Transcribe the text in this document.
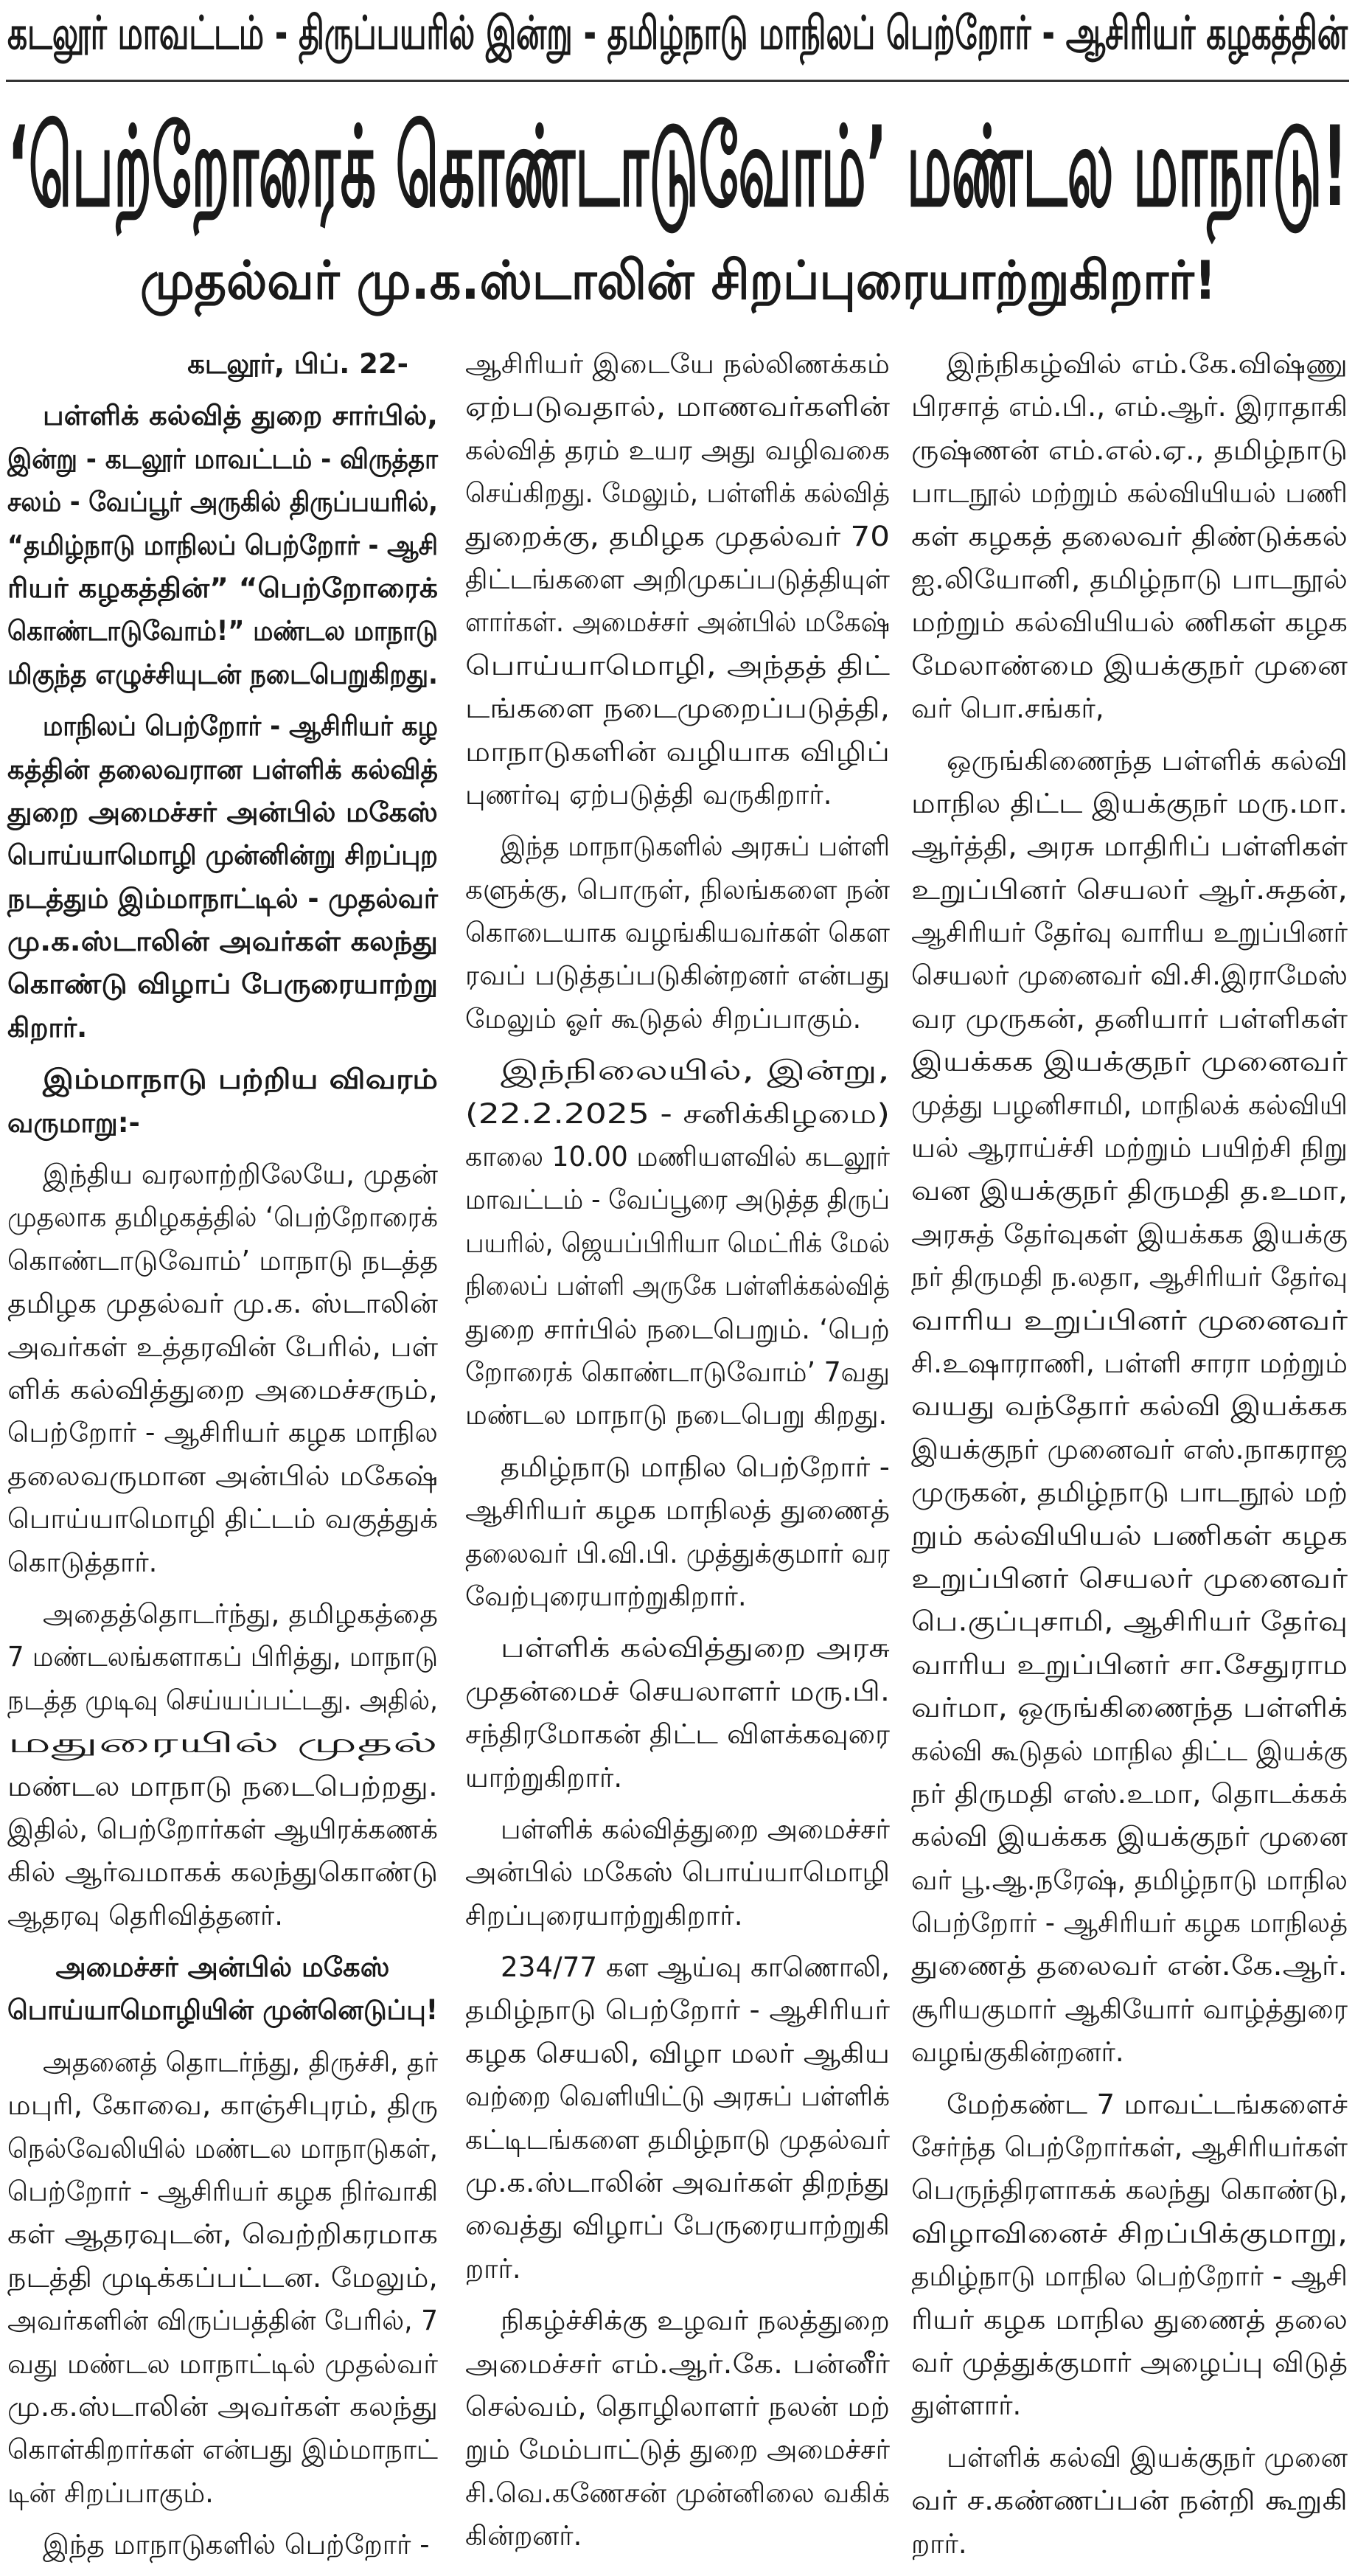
கடலூர் மாவட்டம் - திருப்பயரில் இன்று - தமிழ்நாடு மாநிலப் பெற்றோர் - ஆசிரியர் கழகத்தின்
‘பெற்றோரைக் கொண்டாடுவோம்’ மண்டல மாநாடு!
முதல்வர் மு.க.ஸ்டாலின் சிறப்புரையாற்றுகிறார்!
கடலூர், பிப். 22-
பள்ளிக் கல்வித் துறை சார்பில்,
இன்று - கடலூர் மாவட்டம் - விருத்தா
சலம் - வேப்பூர் அருகில் திருப்பயரில்,
“தமிழ்நாடு மாநிலப் பெற்றோர் - ஆசி
ரியர் கழகத்தின்” “பெற்றோரைக்
கொண்டாடுவோம்!” மண்டல மாநாடு
மிகுந்த எழுச்சியுடன் நடைபெறுகிறது.
மாநிலப் பெற்றோர் - ஆசிரியர் கழ
கத்தின் தலைவரான பள்ளிக் கல்வித்
துறை அமைச்சர் அன்பில் மகேஸ்
பொய்யாமொழி முன்னின்று சிறப்புற
நடத்தும் இம்மாநாட்டில் - முதல்வர்
மு.க.ஸ்டாலின் அவர்கள் கலந்து
கொண்டு விழாப் பேருரையாற்று
கிறார்.
இம்மாநாடு பற்றிய விவரம்
வருமாறு:-
இந்திய வரலாற்றிலேயே, முதன்
முதலாக தமிழகத்தில் ‘பெற்றோரைக்
கொண்டாடுவோம்’ மாநாடு நடத்த
தமிழக முதல்வர் மு.க. ஸ்டாலின்
அவர்கள் உத்தரவின் பேரில், பள்
ளிக் கல்வித்துறை அமைச்சரும்,
பெற்றோர் - ஆசிரியர் கழக மாநில
தலைவருமான அன்பில் மகேஷ்
பொய்யாமொழி திட்டம் வகுத்துக்
கொடுத்தார்.
அதைத்தொடர்ந்து, தமிழகத்தை
7 மண்டலங்களாகப் பிரித்து, மாநாடு
நடத்த முடிவு செய்யப்பட்டது. அதில்,
மதுரையில் முதல்
மண்டல மாநாடு நடைபெற்றது.
இதில், பெற்றோர்கள் ஆயிரக்கணக்
கில் ஆர்வமாகக் கலந்துகொண்டு
ஆதரவு தெரிவித்தனர்.
அமைச்சர் அன்பில் மகேஸ்
பொய்யாமொழியின் முன்னெடுப்பு!
அதனைத் தொடர்ந்து, திருச்சி, தர்
மபுரி, கோவை, காஞ்சிபுரம், திரு
நெல்வேலியில் மண்டல மாநாடுகள்,
பெற்றோர் - ஆசிரியர் கழக நிர்வாகி
கள் ஆதரவுடன், வெற்றிகரமாக
நடத்தி முடிக்கப்பட்டன. மேலும்,
அவர்களின் விருப்பத்தின் பேரில், 7
வது மண்டல மாநாட்டில் முதல்வர்
மு.க.ஸ்டாலின் அவர்கள் கலந்து
கொள்கிறார்கள் என்பது இம்மாநாட்
டின் சிறப்பாகும்.
இந்த மாநாடுகளில் பெற்றோர் -
ஆசிரியர் இடையே நல்லிணக்கம்
ஏற்படுவதால், மாணவர்களின்
கல்வித் தரம் உயர அது வழிவகை
செய்கிறது. மேலும், பள்ளிக் கல்வித்
துறைக்கு, தமிழக முதல்வர் 70
திட்டங்களை அறிமுகப்படுத்தியுள்
ளார்கள். அமைச்சர் அன்பில் மகேஷ்
பொய்யாமொழி, அந்தத் திட்
டங்களை நடைமுறைப்படுத்தி,
மாநாடுகளின் வழியாக விழிப்
புணர்வு ஏற்படுத்தி வருகிறார்.
இந்த மாநாடுகளில் அரசுப் பள்ளி
களுக்கு, பொருள், நிலங்களை நன்
கொடையாக வழங்கியவர்கள் கௌ
ரவப் படுத்தப்படுகின்றனர் என்பது
மேலும் ஓர் கூடுதல் சிறப்பாகும்.
இந்நிலையில், இன்று,
(22.2.2025 - சனிக்கிழமை)
காலை 10.00 மணியளவில் கடலூர்
மாவட்டம் - வேப்பூரை அடுத்த திருப்
பயரில், ஜெயப்பிரியா மெட்ரிக் மேல்
நிலைப் பள்ளி அருகே பள்ளிக்கல்வித்
துறை சார்பில் நடைபெறும். ‘பெற்
றோரைக் கொண்டாடுவோம்’ 7வது
மண்டல மாநாடு நடைபெறு கிறது.
தமிழ்நாடு மாநில பெற்றோர் -
ஆசிரியர் கழக மாநிலத் துணைத்
தலைவர் பி.வி.பி. முத்துக்குமார் வர
வேற்புரையாற்றுகிறார்.
பள்ளிக் கல்வித்துறை அரசு
முதன்மைச் செயலாளர் மரு.பி.
சந்திரமோகன் திட்ட விளக்கவுரை
யாற்றுகிறார்.
பள்ளிக் கல்வித்துறை அமைச்சர்
அன்பில் மகேஸ் பொய்யாமொழி
சிறப்புரையாற்றுகிறார்.
234/77 கள ஆய்வு காணொலி,
தமிழ்நாடு பெற்றோர் - ஆசிரியர்
கழக செயலி, விழா மலர் ஆகிய
வற்றை வெளியிட்டு அரசுப் பள்ளிக்
கட்டிடங்களை தமிழ்நாடு முதல்வர்
மு.க.ஸ்டாலின் அவர்கள் திறந்து
வைத்து விழாப் பேருரையாற்றுகி
றார்.
நிகழ்ச்சிக்கு உழவர் நலத்துறை
அமைச்சர் எம்.ஆர்.கே. பன்னீர்
செல்வம், தொழிலாளர் நலன் மற்
றும் மேம்பாட்டுத் துறை அமைச்சர்
சி.வெ.கணேசன் முன்னிலை வகிக்
கின்றனர்.
இந்நிகழ்வில் எம்.கே.விஷ்ணு
பிரசாத் எம்.பி., எம்.ஆர். இராதாகி
ருஷ்ணன் எம்.எல்.ஏ., தமிழ்நாடு
பாடநூல் மற்றும் கல்வியியல் பணி
கள் கழகத் தலைவர் திண்டுக்கல்
ஐ.லியோனி, தமிழ்நாடு பாடநூல்
மற்றும் கல்வியியல் ணிகள் கழக
மேலாண்மை இயக்குநர் முனை
வர் பொ.சங்கர்,
ஒருங்கிணைந்த பள்ளிக் கல்வி
மாநில திட்ட இயக்குநர் மரு.மா.
ஆர்த்தி, அரசு மாதிரிப் பள்ளிகள்
உறுப்பினர் செயலர் ஆர்.சுதன்,
ஆசிரியர் தேர்வு வாரிய உறுப்பினர்
செயலர் முனைவர் வி.சி.இராமேஸ்
வர முருகன், தனியார் பள்ளிகள்
இயக்கக இயக்குநர் முனைவர்
முத்து பழனிசாமி, மாநிலக் கல்வியி
யல் ஆராய்ச்சி மற்றும் பயிற்சி நிறு
வன இயக்குநர் திருமதி த.உமா,
அரசுத் தேர்வுகள் இயக்கக இயக்கு
நர் திருமதி ந.லதா, ஆசிரியர் தேர்வு
வாரிய உறுப்பினர் முனைவர்
சி.உஷாராணி, பள்ளி சாரா மற்றும்
வயது வந்தோர் கல்வி இயக்கக
இயக்குநர் முனைவர் எஸ்.நாகராஜ
முருகன், தமிழ்நாடு பாடநூல் மற்
றும் கல்வியியல் பணிகள் கழக
உறுப்பினர் செயலர் முனைவர்
பெ.குப்புசாமி, ஆசிரியர் தேர்வு
வாரிய உறுப்பினர் சா.சேதுராம
வர்மா, ஒருங்கிணைந்த பள்ளிக்
கல்வி கூடுதல் மாநில திட்ட இயக்கு
நர் திருமதி எஸ்.உமா, தொடக்கக்
கல்வி இயக்கக இயக்குநர் முனை
வர் பூ.ஆ.நரேஷ், தமிழ்நாடு மாநில
பெற்றோர் - ஆசிரியர் கழக மாநிலத்
துணைத் தலைவர் என்.கே.ஆர்.
சூரியகுமார் ஆகியோர் வாழ்த்துரை
வழங்குகின்றனர்.
மேற்கண்ட 7 மாவட்டங்களைச்
சேர்ந்த பெற்றோர்கள், ஆசிரியர்கள்
பெருந்திரளாகக் கலந்து கொண்டு,
விழாவினைச் சிறப்பிக்குமாறு,
தமிழ்நாடு மாநில பெற்றோர் - ஆசி
ரியர் கழக மாநில துணைத் தலை
வர் முத்துக்குமார் அழைப்பு விடுத்
துள்ளார்.
பள்ளிக் கல்வி இயக்குநர் முனை
வர் ச.கண்ணப்பன் நன்றி கூறுகி
றார்.
